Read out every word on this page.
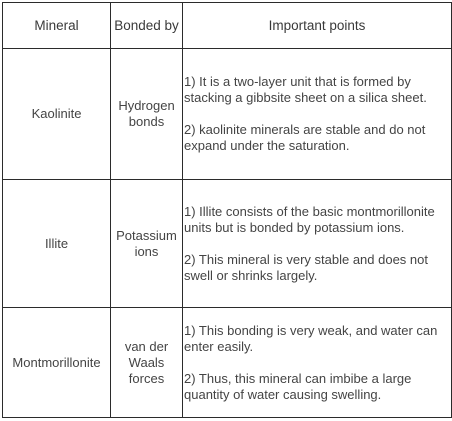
Mineral	Bonded by	Important points
Kaolinite	Hydrogen bonds	1) It is a two-layer unit that is formed by stacking a gibbsite sheet on a silica sheet.
2) kaolinite minerals are stable and do not expand under the saturation.

Illite	Potassium ions	1) Illite consists of the basic montmorillonite units but is bonded by potassium ions.
2) This mineral is very stable and does not swell or shrinks largely.

Montmorillonite	van der Waals forces	1) This bonding is very weak, and water can enter easily.
2) Thus, this mineral can imbibe a large quantity of water causing swelling.
